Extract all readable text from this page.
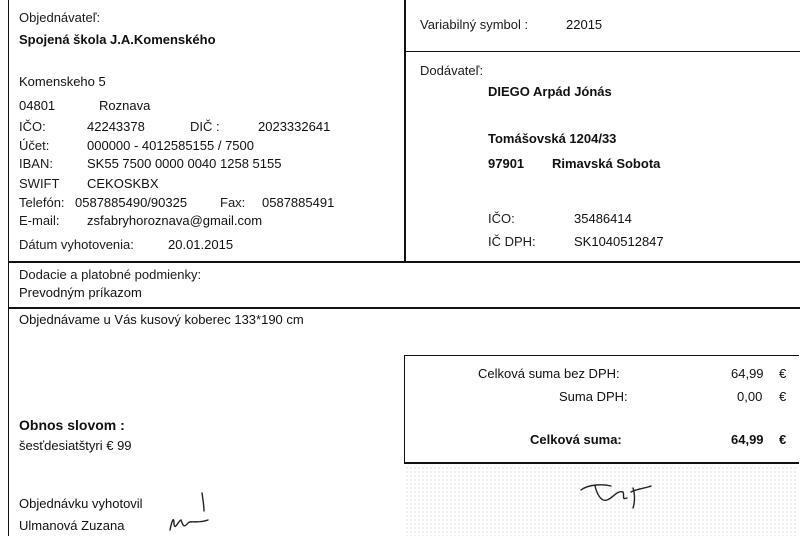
Objednávateľ:
Spojená škola J.A.Komenského
Komenskeho 5
04801	Roznava
IČO:	42243378	DIČ :	2023332641
Účet:	000000 - 4012585155 / 7500
IBAN:	SK55 7500 0000 0040 1258 5155
SWIFT CEKOSKBX
Telefón: 0587885490/90325	Fax: 0587885491
E-mail: zsfabryhoroznava@gmail.com
Dátum vyhotovenia:	20.01.2015
Variabilný symbol :	22015
Dodávateľ:
DIEGO Arpád Jónás
Tomášovská 1204/33
97901 Rimavská Sobota
IČO:	35486414
IČ DPH:	SK1040512847
Dodacie a platobné podmienky:
Prevodným príkazom
Objednávame u Vás kusový koberec 133*190 cm
Celková suma bez DPH:	64,99 €
Suma DPH:	0,00 €
Celková suma:	64,99 €
Obnos slovom :
šesťdesiatštyri € 99
Objednávku vyhotovil
Ulmanová Zuzana
